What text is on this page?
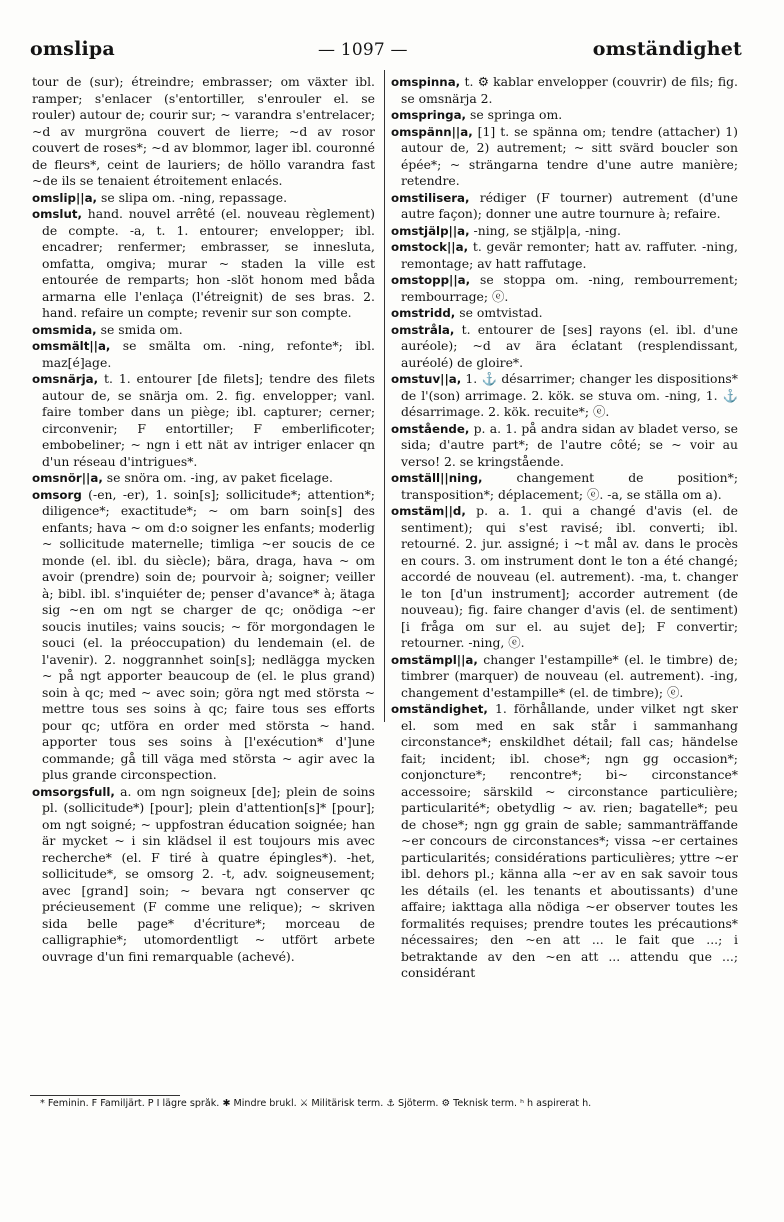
omslipa	— 1097 —	omständighet

tour de (sur); étreindre; embrasser; om växter ibl. ramper; s'enlacer (s'entortiller, s'enrouler el. se rouler) autour de; courir sur; ~ varandra s'entrelacer; ~d av murgröna couvert de lierre; ~d av rosor couvert de roses*; ~d av blommor, lager ibl. couronné de fleurs*, ceint de lauriers; de höllo varandra fast ~de ils se tenaient étroitement enlacés.

omslip||a, se slipa om. -ning, repassage.

omslut, hand. nouvel arrêté (el. nouveau règlement) de compte. -a, t. 1. entourer; envelopper; ibl. encadrer; renfermer; embrasser, se innesluta, omfatta, omgiva; murar ~ staden la ville est entourée de remparts; hon -slöt honom med båda armarna elle l'enlaça (l'étreignit) de ses bras. 2. hand. refaire un compte; revenir sur son compte.

omsmida, se smida om.

omsmält||a, se smälta om. -ning, refonte*; ibl. maz[é]age.

omsnärja, t. 1. entourer [de filets]; tendre des filets autour de, se snärja om. 2. fig. envelopper; vanl. faire tomber dans un piège; ibl. capturer; cerner; circonvenir; F entortiller; F emberlificoter; embobeliner; ~ ngn i ett nät av intriger enlacer qn d'un réseau d'intrigues*.

omsnör||a, se snöra om. -ing, av paket ficelage.

omsorg (-en, -er), 1. soin[s]; sollicitude*; attention*; diligence*; exactitude*; ~ om barn soin[s] des enfants; hava ~ om d:o soigner les enfants; moderlig ~ sollicitude maternelle; timliga ~er soucis de ce monde (el. ibl. du siècle); bära, draga, hava ~ om avoir (prendre) soin de; pourvoir à; soigner; veiller à; bibl. ibl. s'inquiéter de; penser d'avance* à; ätaga sig ~en om ngt se charger de qc; onödiga ~er soucis inutiles; vains soucis; ~ för morgondagen le souci (el. la préoccupation) du lendemain (el. de l'avenir). 2. noggrannhet soin[s]; nedlägga mycken ~ på ngt apporter beaucoup de (el. le plus grand) soin à qc; med ~ avec soin; göra ngt med största ~ mettre tous ses soins à qc; faire tous ses efforts pour qc; utföra en order med största ~ hand. apporter tous ses soins à [l'exécution* d']une commande; gå till väga med största ~ agir avec la plus grande circonspection.

omsorgsfull, a. om ngn soigneux [de]; plein de soins pl. (sollicitude*) [pour]; plein d'attention[s]* [pour]; om ngt soigné; ~ uppfostran éducation soignée; han är mycket ~ i sin klädsel il est toujours mis avec recherche* (el. F tiré à quatre épingles*). -het, sollicitude*, se omsorg 2. -t, adv. soigneusement; avec [grand] soin; ~ bevara ngt conserver qc précieusement (F comme une relique); ~ skriven sida belle page* d'écriture*; morceau de calligraphie*; utomordentligt ~ utfört arbete ouvrage d'un fini remarquable (achevé).

omspinna, t. ⚙ kablar envelopper (couvrir) de fils; fig. se omsnärja 2.

omspringa, se springa om.

omspänn||a, [1] t. se spänna om; tendre (attacher) 1) autour de, 2) autrement; ~ sitt svärd boucler son épée*; ~ strängarna tendre d'une autre manière; retendre.

omstilisera, rédiger (F tourner) autrement (d'une autre façon); donner une autre tournure à; refaire.

omstjälp||a, -ning, se stjälp|a, -ning.

omstock||a, t. gevär remonter; hatt av. raffuter. -ning, remontage; av hatt raffutage.

omstopp||a, se stoppa om. -ning, rembourrement; rembourrage; ⓔ.

omstridd, se omtvistad.

omstråla, t. entourer de [ses] rayons (el. ibl. d'une auréole); ~d av ära éclatant (resplendissant, auréolé) de gloire*.

omstuv||a, 1. ⚓ désarrimer; changer les dispositions* de l'(son) arrimage. 2. kök. se stuva om. -ning, 1. ⚓ désarrimage. 2. kök. recuite*; ⓔ.

omstående, p. a. 1. på andra sidan av bladet verso, se sida; d'autre part*; de l'autre côté; se ~ voir au verso! 2. se kringstående.

omställ||ning, changement de position*; transposition*; déplacement; ⓔ. -a, se ställa om a).

omstäm||d, p. a. 1. qui a changé d'avis (el. de sentiment); qui s'est ravisé; ibl. converti; ibl. retourné. 2. jur. assigné; i ~t mål av. dans le procès en cours. 3. om instrument dont le ton a été changé; accordé de nouveau (el. autrement). -ma, t. changer le ton [d'un instrument]; accorder autrement (de nouveau); fig. faire changer d'avis (el. de sentiment) [i fråga om sur el. au sujet de]; F convertir; retourner. -ning, ⓔ.

omstämpl||a, changer l'estampille* (el. le timbre) de; timbrer (marquer) de nouveau (el. autrement). -ing, changement d'estampille* (el. de timbre); ⓔ.

omständighet, 1. förhållande, under vilket ngt sker el. som med en sak står i sammanhang circonstance*; enskildhet détail; fall cas; händelse fait; incident; ibl. chose*; ngn gg occasion*; conjoncture*; rencontre*; bi~ circonstance* accessoire; särskild ~ circonstance particulière; particularité*; obetydlig ~ av. rien; bagatelle*; peu de chose*; ngn gg grain de sable; sammanträffande ~er concours de circonstances*; vissa ~er certaines particularités; considérations particulières; yttre ~er ibl. dehors pl.; känna alla ~er av en sak savoir tous les détails (el. les tenants et aboutissants) d'une affaire; iakttaga alla nödiga ~er observer toutes les formalités requises; prendre toutes les précautions* nécessaires; den ~en att ... le fait que ...; i betraktande av den ~en att ... attendu que ...; considérant

* Feminin. F Familjärt. P I lägre språk. ✱ Mindre brukl. ⚔ Militärisk term. ⚓ Sjöterm. ⚙ Teknisk term. ʰ h aspirerat h.
